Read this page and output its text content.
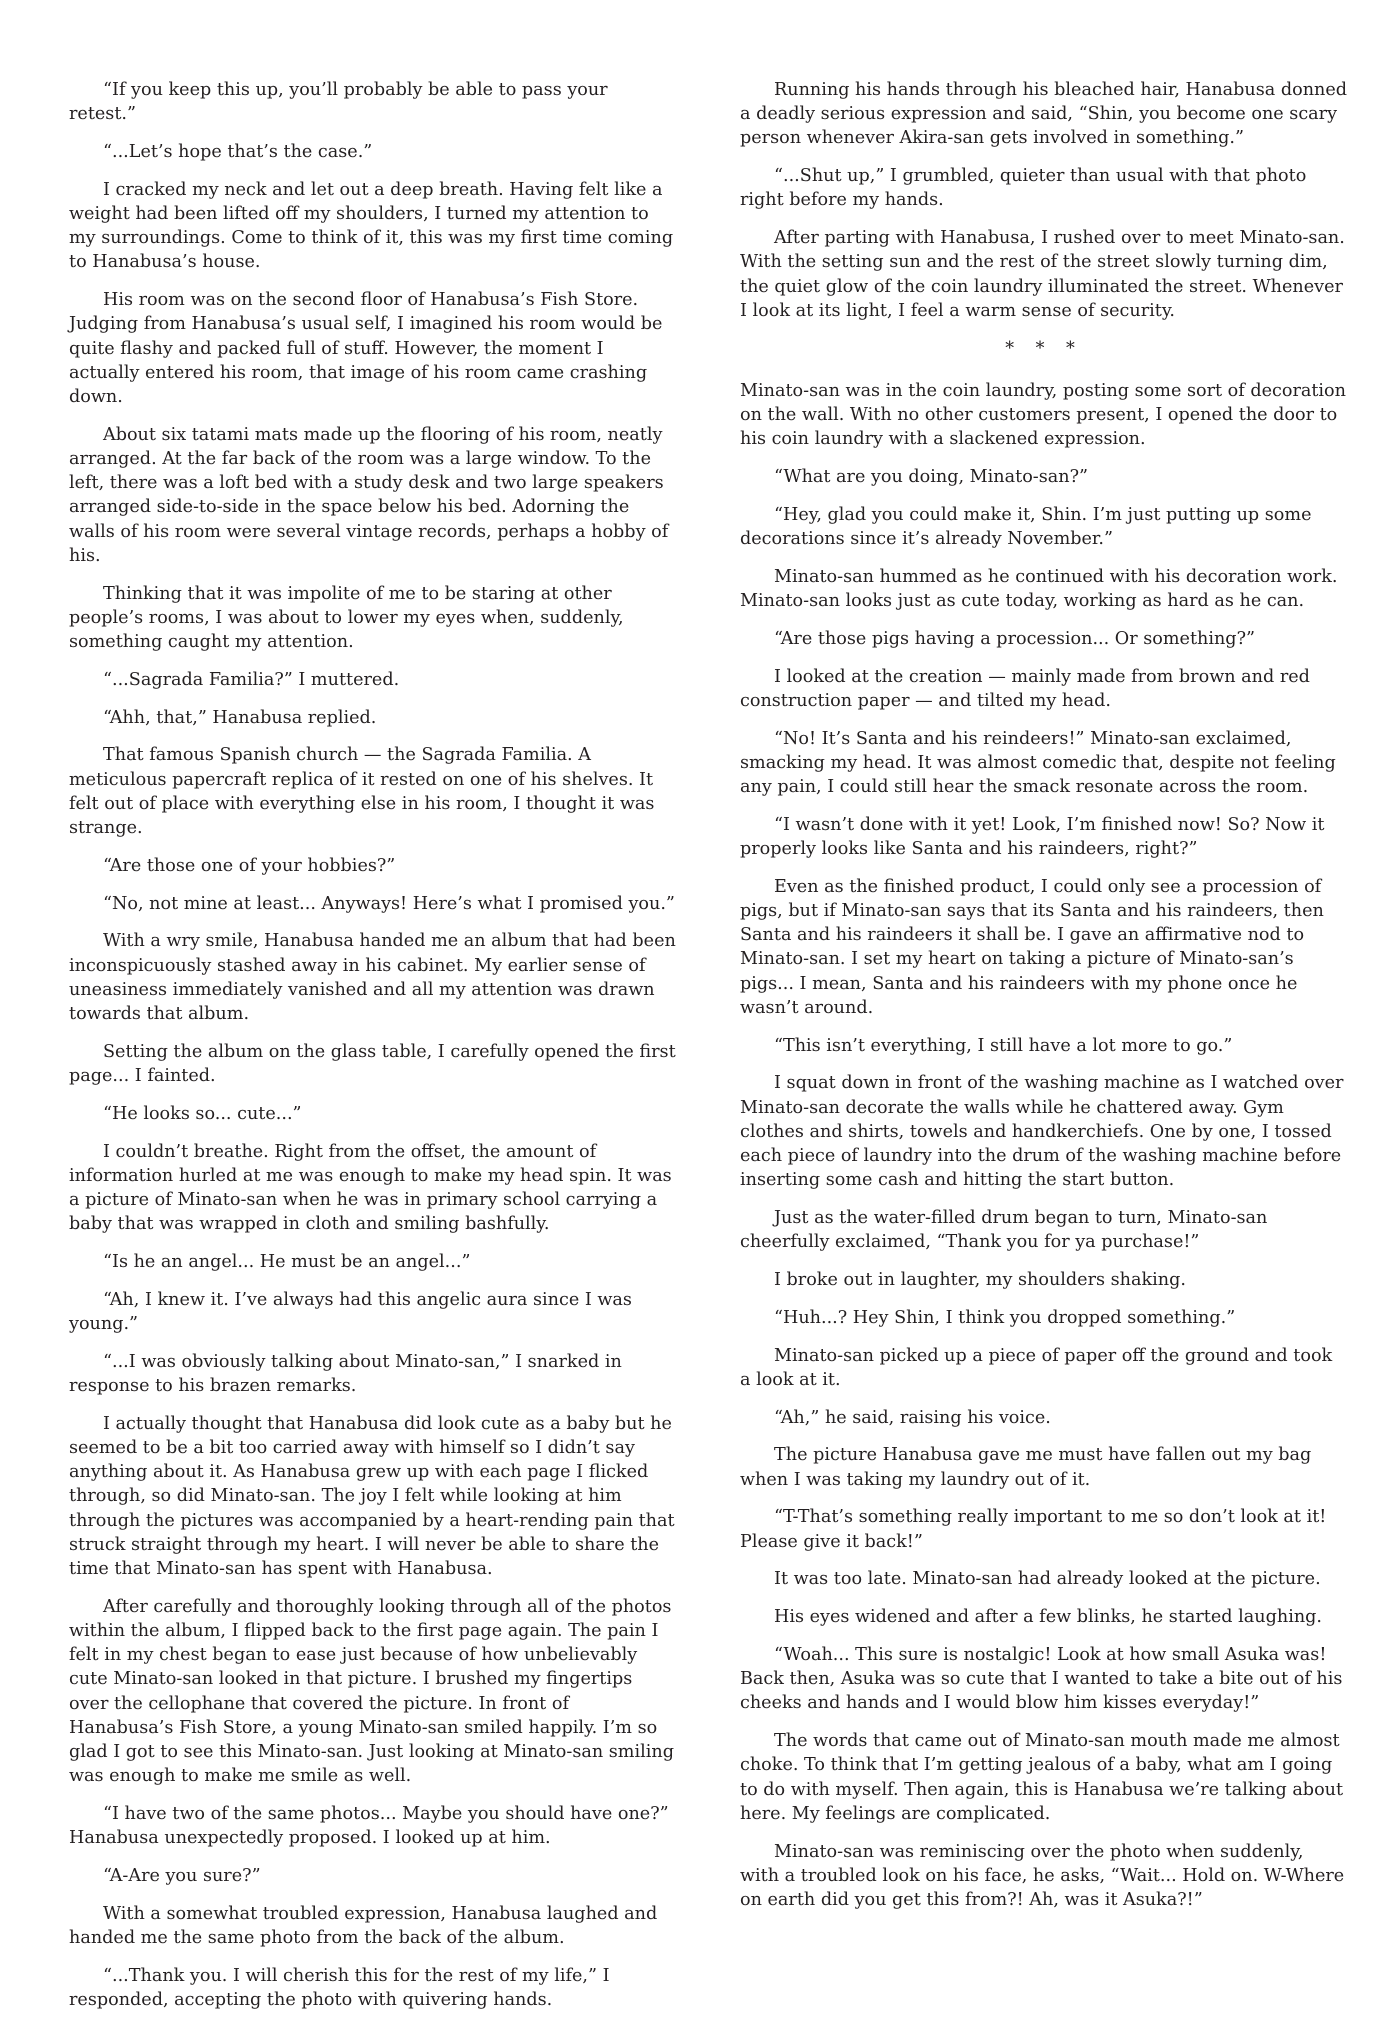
“If you keep this up, you’ll probably be able to pass your retest.”

“...Let’s hope that’s the case.”

I cracked my neck and let out a deep breath. Having felt like a weight had been lifted off my shoulders, I turned my attention to my surroundings. Come to think of it, this was my first time coming to Hanabusa’s house.

His room was on the second floor of Hanabusa’s Fish Store. Judging from Hanabusa’s usual self, I imagined his room would be quite flashy and packed full of stuff. However, the moment I actually entered his room, that image of his room came crashing down.

About six tatami mats made up the flooring of his room, neatly arranged. At the far back of the room was a large window. To the left, there was a loft bed with a study desk and two large speakers arranged side-to-side in the space below his bed. Adorning the walls of his room were several vintage records, perhaps a hobby of his.

Thinking that it was impolite of me to be staring at other people’s rooms, I was about to lower my eyes when, suddenly, something caught my attention.

“...Sagrada Familia?” I muttered.

“Ahh, that,” Hanabusa replied.

That famous Spanish church — the Sagrada Familia. A meticulous papercraft replica of it rested on one of his shelves. It felt out of place with everything else in his room, I thought it was strange.

“Are those one of your hobbies?”

“No, not mine at least... Anyways! Here’s what I promised you.”

With a wry smile, Hanabusa handed me an album that had been inconspicuously stashed away in his cabinet. My earlier sense of uneasiness immediately vanished and all my attention was drawn towards that album.

Setting the album on the glass table, I carefully opened the first page... I fainted.

“He looks so... cute...”

I couldn’t breathe. Right from the offset, the amount of information hurled at me was enough to make my head spin. It was a picture of Minato-san when he was in primary school carrying a baby that was wrapped in cloth and smiling bashfully.

“Is he an angel... He must be an angel...”

“Ah, I knew it. I’ve always had this angelic aura since I was young.”

“...I was obviously talking about Minato-san,” I snarked in response to his brazen remarks.

I actually thought that Hanabusa did look cute as a baby but he seemed to be a bit too carried away with himself so I didn’t say anything about it. As Hanabusa grew up with each page I flicked through, so did Minato-san. The joy I felt while looking at him through the pictures was accompanied by a heart-rending pain that struck straight through my heart. I will never be able to share the time that Minato-san has spent with Hanabusa.

After carefully and thoroughly looking through all of the photos within the album, I flipped back to the first page again. The pain I felt in my chest began to ease just because of how unbelievably cute Minato-san looked in that picture. I brushed my fingertips over the cellophane that covered the picture. In front of Hanabusa’s Fish Store, a young Minato-san smiled happily. I’m so glad I got to see this Minato-san. Just looking at Minato-san smiling was enough to make me smile as well.

“I have two of the same photos... Maybe you should have one?” Hanabusa unexpectedly proposed. I looked up at him.

“A-Are you sure?”

With a somewhat troubled expression, Hanabusa laughed and handed me the same photo from the back of the album.

“...Thank you. I will cherish this for the rest of my life,” I responded, accepting the photo with quivering hands.

Running his hands through his bleached hair, Hanabusa donned a deadly serious expression and said, “Shin, you become one scary person whenever Akira-san gets involved in something.”

“...Shut up,” I grumbled, quieter than usual with that photo right before my hands.

After parting with Hanabusa, I rushed over to meet Minato-san. With the setting sun and the rest of the street slowly turning dim, the quiet glow of the coin laundry illuminated the street. Whenever I look at its light, I feel a warm sense of security.

* * *

Minato-san was in the coin laundry, posting some sort of decoration on the wall. With no other customers present, I opened the door to his coin laundry with a slackened expression.

“What are you doing, Minato-san?”

“Hey, glad you could make it, Shin. I’m just putting up some decorations since it’s already November.”

Minato-san hummed as he continued with his decoration work. Minato-san looks just as cute today, working as hard as he can.

“Are those pigs having a procession... Or something?”

I looked at the creation — mainly made from brown and red construction paper — and tilted my head.

“No! It’s Santa and his reindeers!” Minato-san exclaimed, smacking my head. It was almost comedic that, despite not feeling any pain, I could still hear the smack resonate across the room.

“I wasn’t done with it yet! Look, I’m finished now! So? Now it properly looks like Santa and his raindeers, right?”

Even as the finished product, I could only see a procession of pigs, but if Minato-san says that its Santa and his raindeers, then Santa and his raindeers it shall be. I gave an affirmative nod to Minato-san. I set my heart on taking a picture of Minato-san’s pigs... I mean, Santa and his raindeers with my phone once he wasn’t around.

“This isn’t everything, I still have a lot more to go.”

I squat down in front of the washing machine as I watched over Minato-san decorate the walls while he chattered away. Gym clothes and shirts, towels and handkerchiefs. One by one, I tossed each piece of laundry into the drum of the washing machine before inserting some cash and hitting the start button.

Just as the water-filled drum began to turn, Minato-san cheerfully exclaimed, “Thank you for ya purchase!”

I broke out in laughter, my shoulders shaking.

“Huh...? Hey Shin, I think you dropped something.”

Minato-san picked up a piece of paper off the ground and took a look at it.

“Ah,” he said, raising his voice.

The picture Hanabusa gave me must have fallen out my bag when I was taking my laundry out of it.

“T-That’s something really important to me so don’t look at it! Please give it back!”

It was too late. Minato-san had already looked at the picture.

His eyes widened and after a few blinks, he started laughing.

“Woah... This sure is nostalgic! Look at how small Asuka was! Back then, Asuka was so cute that I wanted to take a bite out of his cheeks and hands and I would blow him kisses everyday!”

The words that came out of Minato-san mouth made me almost choke. To think that I’m getting jealous of a baby, what am I going to do with myself. Then again, this is Hanabusa we’re talking about here. My feelings are complicated.

Minato-san was reminiscing over the photo when suddenly, with a troubled look on his face, he asks, “Wait... Hold on. W-Where on earth did you get this from?! Ah, was it Asuka?!”
